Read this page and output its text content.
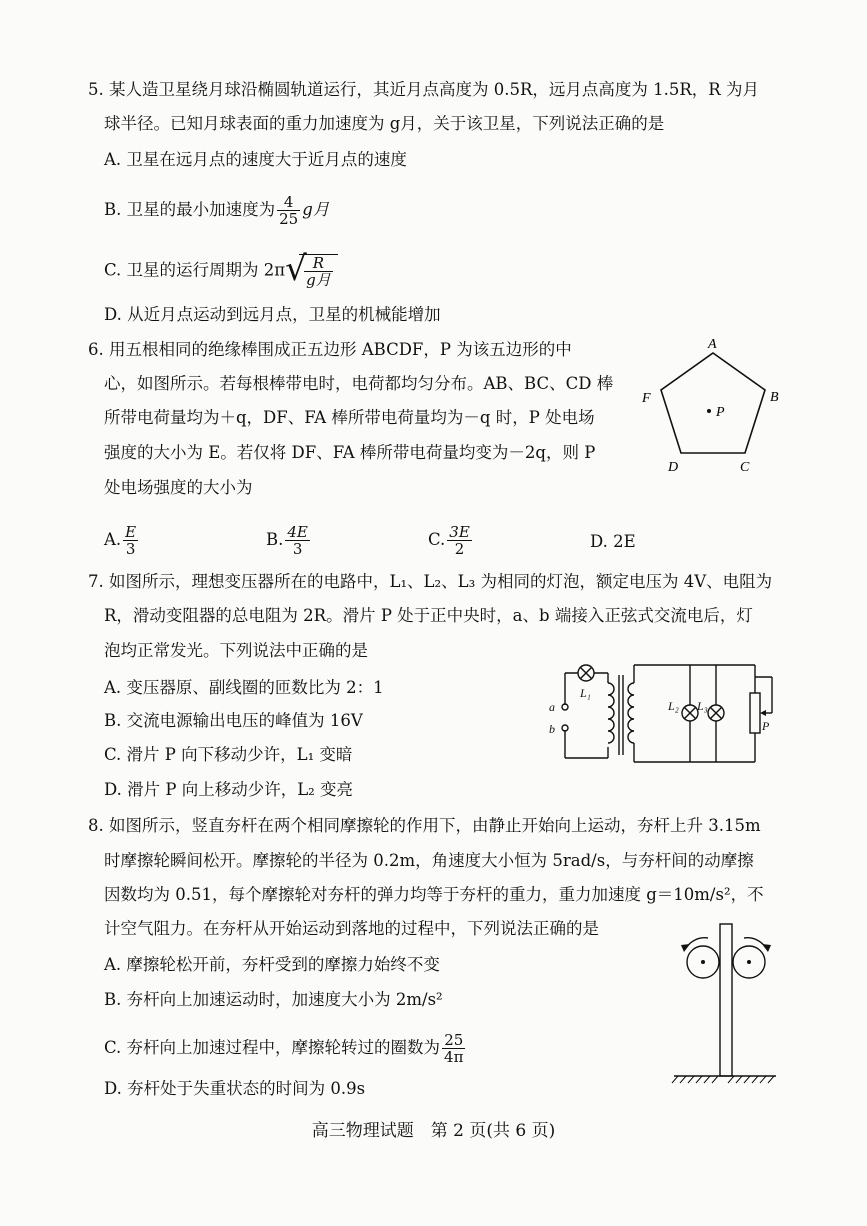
5. 某人造卫星绕月球沿椭圆轨道运行，其近月点高度为 0.5R，远月点高度为 1.5R，R 为月
球半径。已知月球表面的重力加速度为 g月，关于该卫星，下列说法正确的是
A. 卫星在远月点的速度大于近月点的速度
B. 卫星的最小加速度为 $\frac{4}{25}$ g月
C. 卫星的运行周期为 2π √
$\frac{R}{\text{g月}}$
D. 从近月点运动到远月点，卫星的机械能增加
6. 用五根相同的绝缘棒围成正五边形 ABCDF，P 为该五边形的中
心，如图所示。若每根棒带电时，电荷都均匀分布。AB、BC、CD 棒
所带电荷量均为＋q，DF、FA 棒所带电荷量均为－q 时，P 处电场
强度的大小为 E。若仅将 DF、FA 棒所带电荷量均变为－2q，则 P
处电场强度的大小为
A. $\frac{E}{3}$	B. $\frac{4E}{3}$	C. $\frac{3E}{2}$	D. 2E
A
B
C
D
F
P
7. 如图所示，理想变压器所在的电路中，L₁、L₂、L₃ 为相同的灯泡，额定电压为 4V、电阻为
R，滑动变阻器的总电阻为 2R。滑片 P 处于正中央时，a、b 端接入正弦式交流电后，灯
泡均正常发光。下列说法中正确的是
A. 变压器原、副线圈的匝数比为 2：1
B. 交流电源输出电压的峰值为 16V
C. 滑片 P 向下移动少许，L₁ 变暗
D. 滑片 P 向上移动少许，L₂ 变亮
L₁
L₂ L₃
a
b	P
8. 如图所示，竖直夯杆在两个相同摩擦轮的作用下，由静止开始向上运动，夯杆上升 3.15m
时摩擦轮瞬间松开。摩擦轮的半径为 0.2m，角速度大小恒为 5rad/s，与夯杆间的动摩擦
因数均为 0.51，每个摩擦轮对夯杆的弹力均等于夯杆的重力，重力加速度 g＝10m/s²，不
计空气阻力。在夯杆从开始运动到落地的过程中，下列说法正确的是
A. 摩擦轮松开前，夯杆受到的摩擦力始终不变
B. 夯杆向上加速运动时，加速度大小为 2m/s²
C. 夯杆向上加速过程中，摩擦轮转过的圈数为 $\frac{25}{4\pi}$
D. 夯杆处于失重状态的时间为 0.9s
高三物理试题　第 2 页(共 6 页)
